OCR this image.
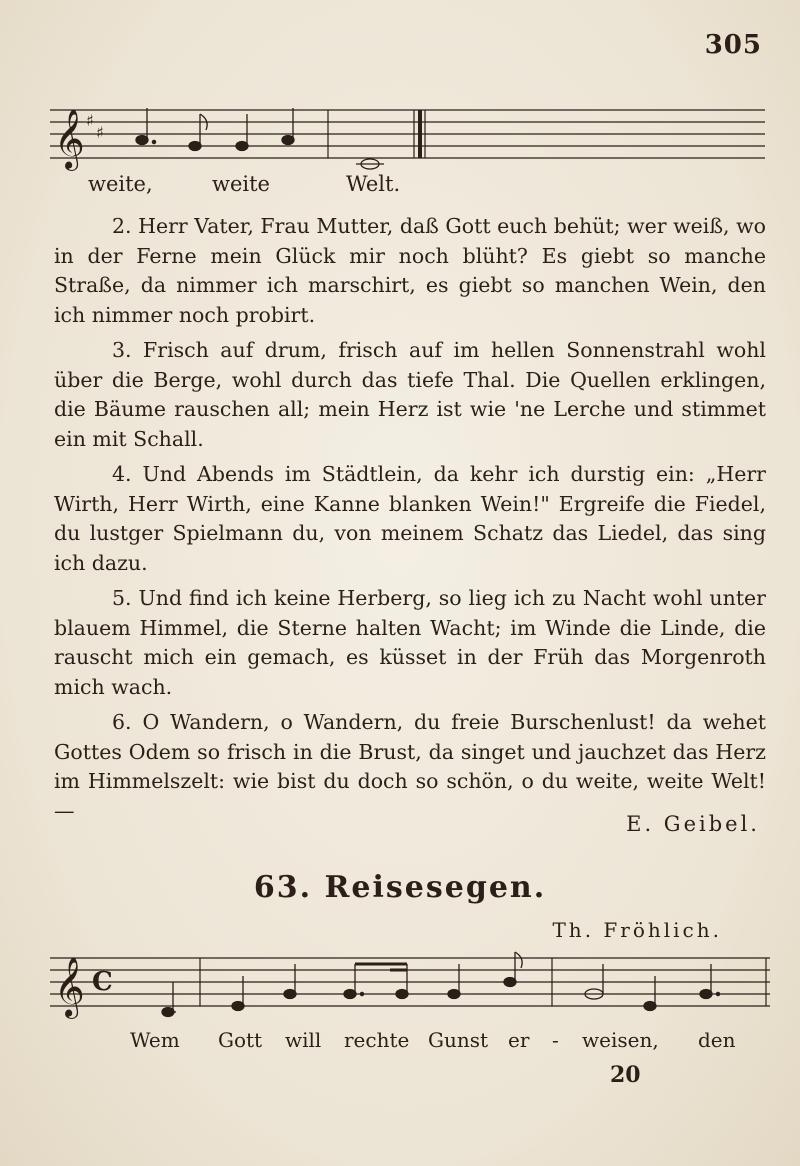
305
𝄞 ♯
♯
weite,	weite	Welt.

2. Herr Vater, Frau Mutter, daß Gott euch behüt; wer weiß, wo in der Ferne mein Glück mir noch blüht? Es giebt so manche Straße, da nimmer ich marschirt, es giebt so manchen Wein, den ich nimmer noch probirt.

3. Frisch auf drum, frisch auf im hellen Sonnenstrahl wohl über die Berge, wohl durch das tiefe Thal. Die Quellen erklingen, die Bäume rauschen all; mein Herz ist wie 'ne Lerche und stimmet ein mit Schall.

4. Und Abends im Städtlein, da kehr ich durstig ein: „Herr Wirth, Herr Wirth, eine Kanne blanken Wein!" Ergreife die Fiedel, du lustger Spielmann du, von meinem Schatz das Liedel, das sing ich dazu.

5. Und find ich keine Herberg, so lieg ich zu Nacht wohl unter blauem Himmel, die Sterne halten Wacht; im Winde die Linde, die rauscht mich ein gemach, es küsset in der Früh das Morgenroth mich wach.

6. O Wandern, o Wandern, du freie Burschenlust! da wehet Gottes Odem so frisch in die Brust, da singet und jauchzet das Herz im Himmelszelt: wie bist du doch so schön, o du weite, weite Welt! —

E. Geibel.
63. Reisesegen.
Th. Fröhlich.
𝄞 C
Wem Gott will rechte Gunst er - weisen, den
20
